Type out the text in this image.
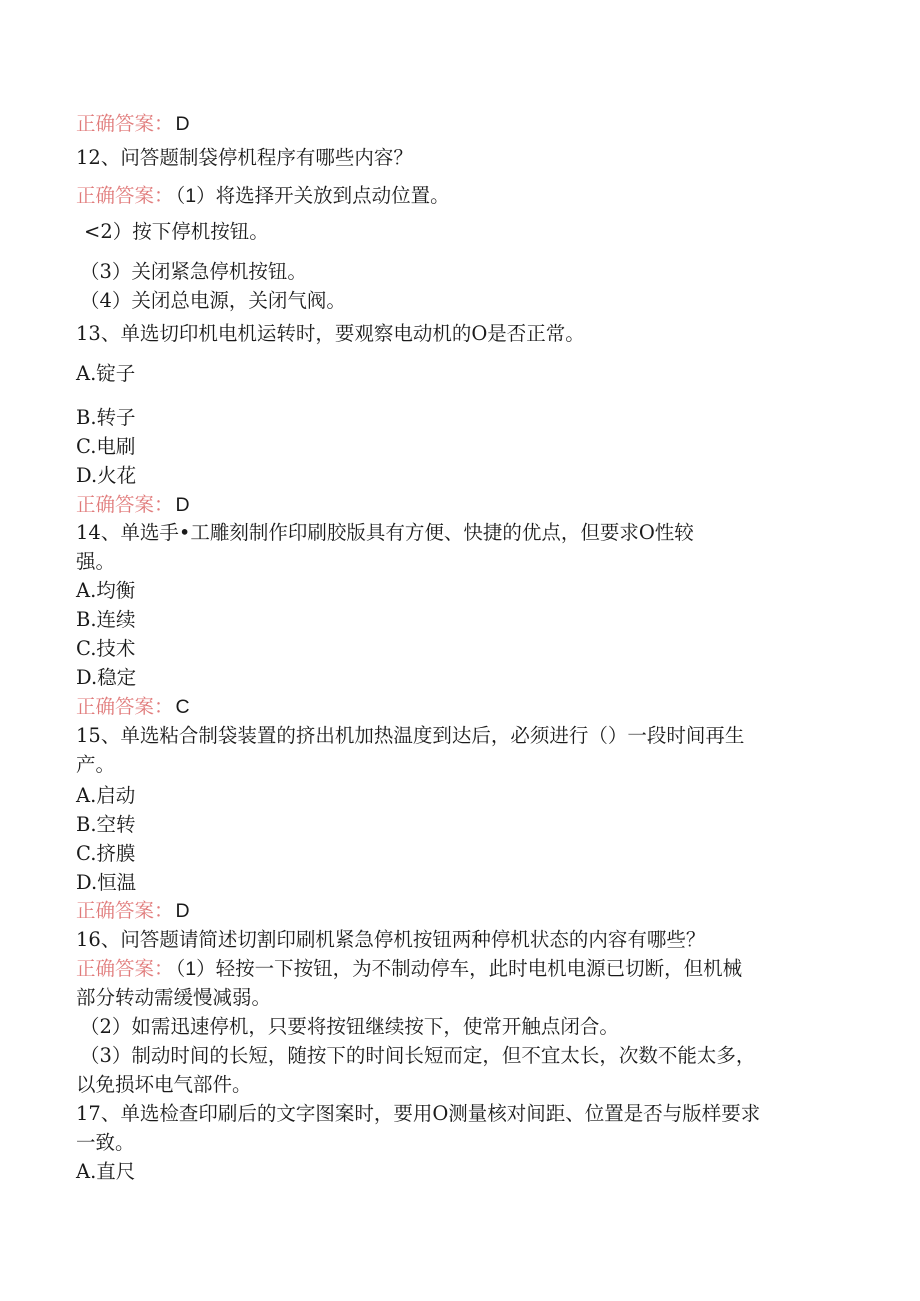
正确答案： D
12、问答题制袋停机程序有哪些内容？
正确答案： （1）将选择开关放到点动位置。
<2）按下停机按钮。
（3）关闭紧急停机按钮。
（4）关闭总电源，关闭气阀。
13、单选切印机电机运转时，要观察电动机的O是否正常。
A.锭子
B.转子
C.电刷
D.火花
正确答案： D
14、单选手•工雕刻制作印刷胶版具有方便、快捷的优点，但要求O性较
强。
A.均衡
B.连续
C.技术
D.稳定
正确答案： C
15、单选粘合制袋装置的挤出机加热温度到达后，必须进行（）一段时间再生
产。
A.启动
B.空转
C.挤膜
D.恒温
正确答案： D
16、问答题请简述切割印刷机紧急停机按钮两种停机状态的内容有哪些？
正确答案： （1）轻按一下按钮，为不制动停车，此时电机电源已切断，但机械
部分转动需缓慢减弱。
（2）如需迅速停机，只要将按钮继续按下，使常开触点闭合。
（3）制动时间的长短，随按下的时间长短而定，但不宜太长，次数不能太多，
以免损坏电气部件。
17、单选检查印刷后的文字图案时，要用O测量核对间距、位置是否与版样要求
一致。
A.直尺
